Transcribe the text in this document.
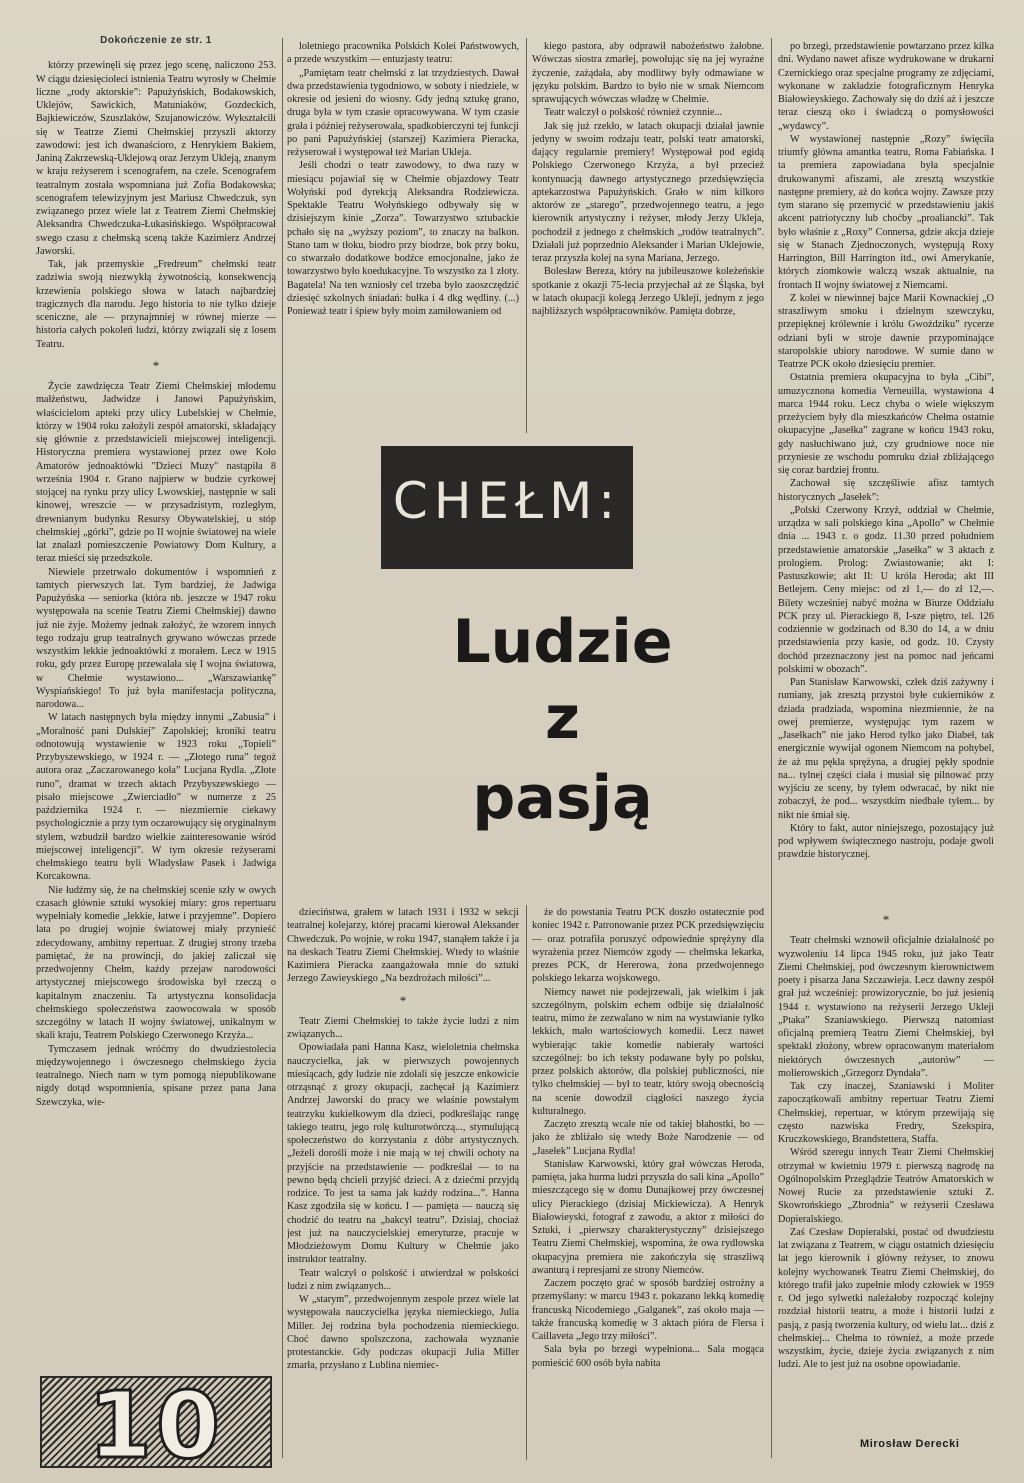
Dokończenie ze str. 1

którzy przewinęli się przez jego scenę, naliczono 253. W ciągu dziesięcioleci istnienia Teatru wyrosły w Chełmie liczne „rody aktorskie”: Papużyńskich, Bodakowskich, Uklejów, Sawickich, Matuniaków, Gozdeckich, Bajkiewiczów, Szuszlaków, Szujanowiczów. Wykształcili się w Teatrze Ziemi Chełmskiej przyszli aktorzy zawodowi: jest ich dwanaścioro, z Henrykiem Bakiem, Janiną Zakrzewską-Uklejową oraz Jerzym Ukleją, znanym w kraju reżyserem i scenografem, na czele. Scenografem teatralnym została wspomniana już Zofia Bodakowska; scenografem telewizyjnym jest Mariusz Chwedczuk, syn związanego przez wiele lat z Teatrem Ziemi Chełmskiej Aleksandra Chwedczuka-Łukasińskiego. Współpracował swego czasu z chełmską sceną także Kazimierz Andrzej Jaworski.

Tak, jak przemyskie „Fredreum” chełmski teatr zadziwia swoją niezwykłą żywotnością, konsekwencją krzewienia polskiego słowa w latach najbardziej tragicznych dla narodu. Jego historia to nie tylko dzieje sceniczne, ale — przynajmniej w równej mierze — historia całych pokoleń ludzi, którzy związali się z losem Teatru.

*

Życie zawdzięcza Teatr Ziemi Chełmskiej młodemu małżeństwu, Jadwidze i Janowi Papużyńskim, właścicielom apteki przy ulicy Lubelskiej w Chełmie, którzy w 1904 roku założyli zespół amatorski, składający się głównie z przedstawicieli miejscowej inteligencji. Historyczna premiera wystawionej przez owe Koło Amatorów jednoaktówki "Dzieci Muzy" nastąpiła 8 września 1904 r. Grano najpierw w budzie cyrkowej stojącej na rynku przy ulicy Lwowskiej, następnie w sali kinowej, wreszcie — w przysadzistym, rozległym, drewnianym budynku Resursy Obywatelskiej, u stóp chełmskiej „górki”, gdzie po II wojnie światowej na wiele lat znalazł pomieszczenie Powiatowy Dom Kultury, a teraz mieści się przedszkole.

Niewiele przetrwało dokumentów i wspomnień z tamtych pierwszych lat. Tym bardziej, że Jadwiga Papużyńska — seniorka (która nb. jeszcze w 1947 roku występowała na scenie Teatru Ziemi Chełmskiej) dawno już nie żyje. Możemy jednak założyć, że wzorem innych tego rodzaju grup teatralnych grywano wówczas przede wszystkim lekkie jednoaktówki z morałem. Lecz w 1915 roku, gdy przez Europę przewalała się I wojna światowa, w Chełmie wystawiono... „Warszawiankę” Wyspiańskiego! To już była manifestacja polityczna, narodowa...

W latach następnych była między innymi „Zabusia” i „Moralność pani Dulskiej” Zapolskiej; kroniki teatru odnotowują wystawienie w 1923 roku „Topieli” Przybyszewskiego, w 1924 r. — „Złotego runa” tegoż autora oraz „Zaczarowanego koła” Lucjana Rydla. „Złote runo”, dramat w trzech aktach Przybyszewskiego — pisało miejscowe „Zwierciadło” w numerze z 25 października 1924 r. — niezmiernie ciekawy psychologicznie a przy tym oczarowujący się oryginalnym stylem, wzbudził bardzo wielkie zainteresowanie wśród miejscowej inteligencji”. W tym okresie reżyserami chełmskiego teatru byli Władysław Pasek i Jadwiga Korcakowna.

Nie łudźmy się, że na chełmskiej scenie szły w owych czasach głównie sztuki wysokiej miary: gros repertuaru wypełniały komedie „lekkie, łatwe i przyjemne”. Dopiero lata po drugiej wojnie światowej miały przynieść zdecydowany, ambitny repertuar. Z drugiej strony trzeba pamiętać, że na prowincji, do jakiej zaliczał się przedwojenny Chełm, każdy przejaw narodowości artystycznej miejscowego środowiska był rzeczą o kapitalnym znaczeniu. Ta artystyczna konsolidacja chełmskiego społeczeństwa zaowocowała w sposób szczególny w latach II wojny światowej, unikalnym w skali kraju, Teatrem Polskiego Czerwonego Krzyża...

Tymczasem jednak wróćmy do dwudziestolecia międzywojennego i ówczesnego chełmskiego życia teatralnego. Niech nam w tym pomogą niepublikowane nigdy dotąd wspomnienia, spisane przez pana Jana Szewczyka, wie-

10

loletniego pracownika Polskich Kolei Państwowych, a przede wszystkim — entuzjasty teatru:

„Pamiętam teatr chełmski z lat trzydziestych. Dawał dwa przedstawienia tygodniowo, w soboty i niedziele, w okresie od jesieni do wiosny. Gdy jedną sztukę grano, druga była w tym czasie opracowywana. W tym czasie grała i później reżyserowała, spadkobierczyni tej funkcji po pani Papużyńskiej (starszej) Kazimiera Pieracka, reżyserował i występował też Marian Ukleja.

Jeśli chodzi o teatr zawodowy, to dwa razy w miesiącu pojawiał się w Chełmie objazdowy Teatr Wołyński pod dyrekcją Aleksandra Rodziewicza. Spektakle Teatru Wołyńskiego odbywały się w dzisiejszym kinie „Zorza”. Towarzystwo sztubackie pchało się na „wyższy poziom”, to znaczy na balkon. Stano tam w tłoku, biodro przy biodrze, bok przy boku, co stwarzało dodatkowe bodźce emocjonalne, jako że towarzystwo było koedukacyjne. To wszystko za 1 złoty. Bagatela! Na ten wzniosły cel trzeba było zaoszczędzić dziesięć szkolnych śniadań: bułka i 4 dkg wędliny. (...) Ponieważ teatr i śpiew były moim zamiłowaniem od

kiego pastora, aby odprawił nabożeństwo żałobne. Wówczas siostra zmarłej, powołując się na jej wyraźne życzenie, zażądała, aby modlitwy były odmawiane w języku polskim. Bardzo to było nie w smak Niemcom sprawujących wówczas władzę w Chełmie.

Teatr walczył o polskość również czynnie...

Jak się już rzekło, w latach okupacji działał jawnie jedyny w swoim rodzaju teatr, polski teatr amatorski, dający regularnie premiery! Występował pod egidą Polskiego Czerwonego Krzyża, a był przecież kontynuacją dawnego artystycznego przedsięwzięcia aptekarzostwa Papużyńskich. Grało w nim kilkoro aktorów ze „starego”, przedwojennego teatru, a jego kierownik artystyczny i reżyser, młody Jerzy Ukleja, pochodził z jednego z chełmskich „rodów teatralnych”. Działali już poprzednio Aleksander i Marian Uklejowie, teraz przyszła kolej na syna Mariana, Jerzego.

Bolesław Bereza, który na jubileuszowe koleżeńskie spotkanie z okazji 75-lecia przyjechał aż ze Śląska, był w latach okupacji kolegą Jerzego Ukleji, jednym z jego najbliższych współpracowników. Pamięta dobrze,

CHEŁM:
Ludzie
z
pasją

po brzegi, przedstawienie powtarzano przez kilka dni. Wydano nawet afisze wydrukowane w drukarni Czernickiego oraz specjalne programy ze zdjęciami, wykonane w zakładzie fotograficznym Henryka Białowieyskiego. Zachowały się do dziś aż i jeszcze teraz cieszą oko i świadczą o pomysłowości „wydawcy”.

W wystawionej następnie „Rozy” święciła triumfy główna amantka teatru, Roma Fabiańska. I ta premiera zapowiadana była specjalnie drukowanymi afiszami, ale zresztą wszystkie następne premiery, aż do końca wojny. Zawsze przy tym starano się przemycić w przedstawieniu jakiś akcent patriotyczny lub choćby „proaliancki”. Tak było właśnie z „Roxy” Connersa, gdzie akcja dzieje się w Stanach Zjednoczonych, występują Roxy Harrington, Bill Harrington itd., owi Amerykanie, których ziomkowie walczą wszak aktualnie, na frontach II wojny światowej z Niemcami.

Z kolei w niewinnej bajce Marii Kownackiej „O straszliwym smoku i dzielnym szewczyku, przepięknej królewnie i królu Gwoździku” rycerze odziani byli w stroje dawnie przypominające staropolskie ubiory narodowe. W sumie dano w Teatrze PCK około dziesięciu premier.

Ostatnia premiera okupacyjna to była „Cibi”, umuzycznona komedia Verneuilla, wystawiona 4 marca 1944 roku. Lecz chyba o wiele większym przeżyciem były dla mieszkańców Chełma ostatnie okupacyjne „Jasełka” zagrane w końcu 1943 roku, gdy nasłuchiwano już, czy grudniowe noce nie przyniesie ze wschodu pomruku dział zbliżającego się coraz bardziej frontu.

Zachował się szczęśliwie afisz tamtych historycznych „Jasełek”:

„Polski Czerwony Krzyż, oddział w Chełmie, urządza w sali polskiego kina „Apollo” w Chełmie dnia ... 1943 r. o godz. 11.30 przed południem przedstawienie amatorskie „Jasełka” w 3 aktach z prologiem. Prolog: Zwiastowanie; akt I: Pastuszkowie; akt II: U króla Heroda; akt III Betlejem. Ceny miejsc: od zł 1,— do zł 12,—. Bilety wcześniej nabyć można w Biurze Oddziału PCK przy ul. Pierackiego 8, I-sze piętro, tel. 126 codziennie w godzinach od 8.30 do 14, a w dniu przedstawienia przy kasie, od godz. 10. Czysty dochód przeznaczony jest na pomoc nad jeńcami polskimi w obozach”.

Pan Stanisław Karwowski, człek dziś zażywny i rumiany, jak zresztą przystoi byłe cukierników z dziada pradziada, wspomina niezmiennie, że na owej premierze, występując tym razem w „Jasełkach” nie jako Herod tylko jako Diabeł, tak energicznie wywijał ogonem Niemcom na pohybel, że aż mu pękła sprężyna, a drugiej pękły spodnie na... tylnej części ciała i musiał się pilnować przy wyjściu ze sceny, by tyłem odwracać, by nikt nie zobaczył, że pod... wszystkim niedbale tyłem... by nikt nie śmiał się.

Który to fakt, autor niniejszego, pozostający już pod wpływem świątecznego nastroju, podaje gwoli prawdzie historycznej.

dzieciństwa, grałem w latach 1931 i 1932 w sekcji teatralnej kolejarzy, której pracami kierował Aleksander Chwedczuk. Po wojnie, w roku 1947, stanąłem także i ja na deskach Teatru Ziemi Chełmskiej. Wtedy to właśnie Kazimiera Pieracka zaangażowała mnie do sztuki Jerzego Zawieyskiego „Na bezdrożach miłości”...

*

Teatr Ziemi Chełmskiej to także życie ludzi z nim związanych...

Opowiadała pani Hanna Kasz, wieloletnia chełmska nauczycielka, jak w pierwszych powojennych miesiącach, gdy ludzie nie zdołali się jeszcze enkowicie otrząsnąć z grozy okupacji, zachęcał ją Kazimierz Andrzej Jaworski do pracy we właśnie powstałym teatrzyku kukiełkowym dla dzieci, podkreślając rangę takiego teatru, jego rolę kulturotwórczą..., stymulującą społeczeństwo do korzystania z dóbr artystycznych. „Jeżeli dorośli może i nie mają w tej chwili ochoty na przyjście na przedstawienie — podkreślał — to na pewno będą chcieli przyjść dzieci. A z dziećmi przyjdą rodzice. To jest ta sama jak każdy rodzina...”. Hanna Kasz zgodziła się w końcu. I — pamięta — nauczą się chodzić do teatru na „bakcyl teatru”. Dzisiaj, chociaż jest już na nauczycielskiej emeryturze, pracuje w Młodzieżowym Domu Kultury w Chełmie jako instruktor teatralny.

Teatr walczył o polskość i utwierdzał w polskości ludzi z nim związanych...

W „starym”, przedwojennym zespole przez wiele lat występowała nauczycielka języka niemieckiego, Julia Miller. Jej rodzina była pochodzenia niemieckiego. Choć dawno spolszczona, zachowała wyznanie protestanckie. Gdy podczas okupacji Julia Miller zmarła, przysłano z Lublina niemiec-

że do powstania Teatru PCK doszło ostatecznie pod koniec 1942 r. Patronowanie przez PCK przedsięwzięciu — oraz potrafiła poruszyć odpowiednie sprężyny dla wyrażenia przez Niemców zgody — chełmska lekarka, prezes PCK, dr Hererowa, żona przedwojennego polskiego lekarza wojskowego.

Niemcy nawet nie podejrzewali, jak wielkim i jak szczególnym, polskim echem odbije się działalność teatru, mimo że zezwalano w nim na wystawianie tylko lekkich, mało wartościowych komedii. Lecz nawet wybierając takie komedie nabierały wartości szczególnej: bo ich teksty podawane były po polsku, przez polskich aktorów, dla polskiej publiczności, nie tylko chełmskiej — był to teatr, który swoją obecnością na scenie dowodził ciągłości naszego życia kulturalnego.

Zaczęto zresztą wcale nie od takiej błahostki, bo — jako że zbliżało się wtedy Boże Narodzenie — od „Jasełek” Lucjana Rydla!

Stanisław Karwowski, który grał wówczas Heroda, pamięta, jaka hurma ludzi przyszła do sali kina „Apollo” mieszczącego się w domu Dunajkowej przy ówczesnej ulicy Pierackiego (dzisiaj Mickiewicza). A Henryk Białowieyski, fotograf z zawodu, a aktor z miłości do Sztuki, i „pierwszy charakterystyczny” dzisiejszego Teatru Ziemi Chełmskiej, wspomina, że owa rydlowska okupacyjna premiera nie zakończyła się straszliwą awanturą i represjami ze strony Niemców.

Zaczem poczęto grać w sposób bardziej ostrożny a przemyślany: w marcu 1943 r. pokazano lekką komedię francuską Nicodemiego „Galganek”, zaś około maja — także francuską komedię w 3 aktach pióra de Flersa i Caillaveta „Jego trzy miłości”.

Sala była po brzegi wypełniona... Sala mogąca pomieścić 600 osób była nabita

*

Teatr chełmski wznowił oficjalnie działalność po wyzwoleniu 14 lipca 1945 roku, już jako Teatr Ziemi Chełmskiej, pod ówczesnym kierownictwem poety i pisarza Jana Szczawieja. Lecz dawny zespół grał już wcześniej: prowizorycznie, bo już jesienią 1944 r. wystawiono na reżyserii Jerzego Ukleji „Ptaka” Szaniawskiego. Pierwszą natomiast oficjalną premierą Teatru Ziemi Chełmskiej, był spektakl złożony, wbrew opracowanym materiałom niektórych ówczesnych „autorów” — molierowskich „Grzegorz Dyndała”.

Tak czy inaczej, Szaniawski i Moliter zapoczątkowali ambitny repertuar Teatru Ziemi Chełmskiej, repertuar, w którym przewijają się często nazwiska Fredry, Szekspira, Kruczkowskiego, Brandstettera, Staffa.

Wśród szeregu innych Teatr Ziemi Chełmskiej otrzymał w kwietniu 1979 r. pierwszą nagrodę na Ogólnopolskim Przeglądzie Teatrów Amatorskich w Nowej Rucie za przedstawienie sztuki Z. Skowrońskiego „Zbrodnia” w reżyserii Czesława Dopieralskiego.

Zaś Czesław Dopieralski, postać od dwudziestu lat związana z Teatrem, w ciągu ostatnich dziesięciu lat jego kierownik i główny reżyser, to znowu kolejny wychowanek Teatru Ziemi Chełmskiej, do którego trafił jako zupełnie młody człowiek w 1959 r. Od jego sylwetki należałoby rozpocząć kolejny rozdział historii teatru, a może i historii ludzi z pasją, z pasją tworzenia kultury, od wielu lat... dziś z chełmskiej... Chełma to również, a może przede wszystkim, życie, dzieje życia związanych z nim ludzi. Ale to jest już na osobne opowiadanie.

Mirosław Derecki
